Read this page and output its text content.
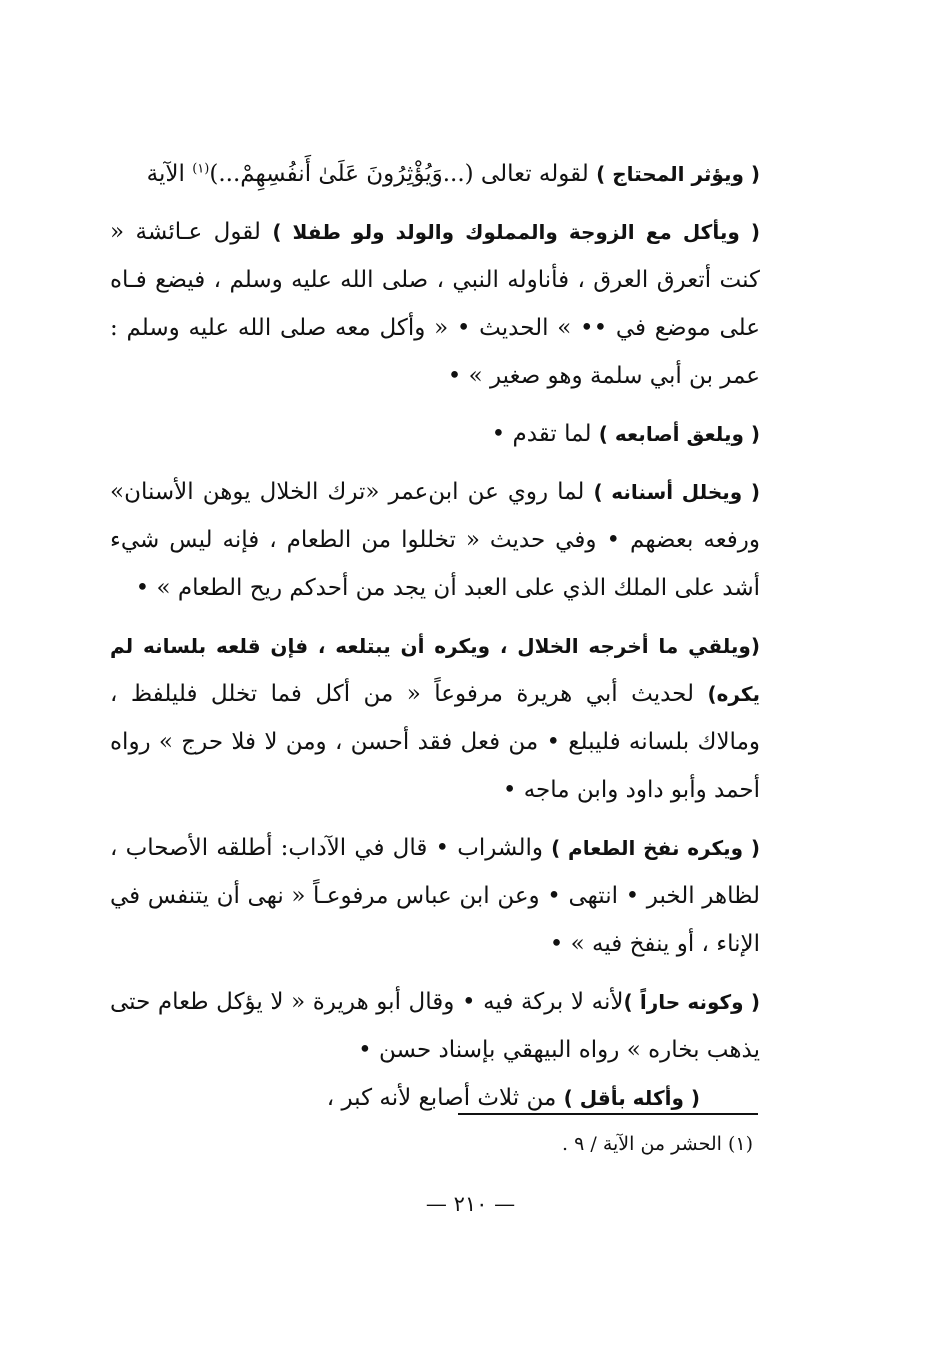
( ويؤثر المحتاج ) لقوله تعالى (...وَيُؤْثِرُونَ عَلَىٰ أَنفُسِهِمْ...)$^{(١)}$ الآية

( ويأكل مع الزوجة والمملوك والولد ولو طفلا ) لقول عـائشة « كنت أتعرق العرق ، فأناوله النبي ، صلى الله عليه وسلم ، فيضع فـاه على موضع في •• » الحديث • « وأكل معه صلى الله عليه وسلم : عمر بن أبي سلمة وهو صغير » •

( ويلعق أصابعه ) لما تقدم •

( ويخلل أسنانه ) لما روي عن ابن‌عمر «ترك الخلال يوهن الأسنان» ورفعه بعضهم • وفي حديث « تخللوا من الطعام ، فإنه ليس شيء أشد على الملك الذي على العبد أن يجد من أحدكم ريح الطعام » •

(ويلقي ما أخرجه الخلال ، ويكره أن يبتلعه ، فإن قلعه بلسانه لم يكره) لحديث أبي هريرة مرفوعاً « من أكل فما تخلل فليلفظ ، ومالاك بلسانه فليبلع • من فعل فقد أحسن ، ومن لا فلا حرج » رواه أحمد وأبو داود وابن ماجه •

( ويكره نفخ الطعام ) والشراب • قال في الآداب: أطلقه الأصحاب ، لظاهر الخبر • انتهى • وعن ابن عباس مرفوعـاً « نهى أن يتنفس في الإناء ، أو ينفخ فيه » •

( وكونه حاراً )لأنه لا بركة فيه • وقال أبو هريرة « لا يؤكل طعام حتى يذهب بخاره » رواه البيهقي بإسناد حسن •

( وأكله بأقل ) من ثلاث أصابع لأنه كبر ،

(١) الحشر من الآية / ٩ .
— ٢١٠ —
